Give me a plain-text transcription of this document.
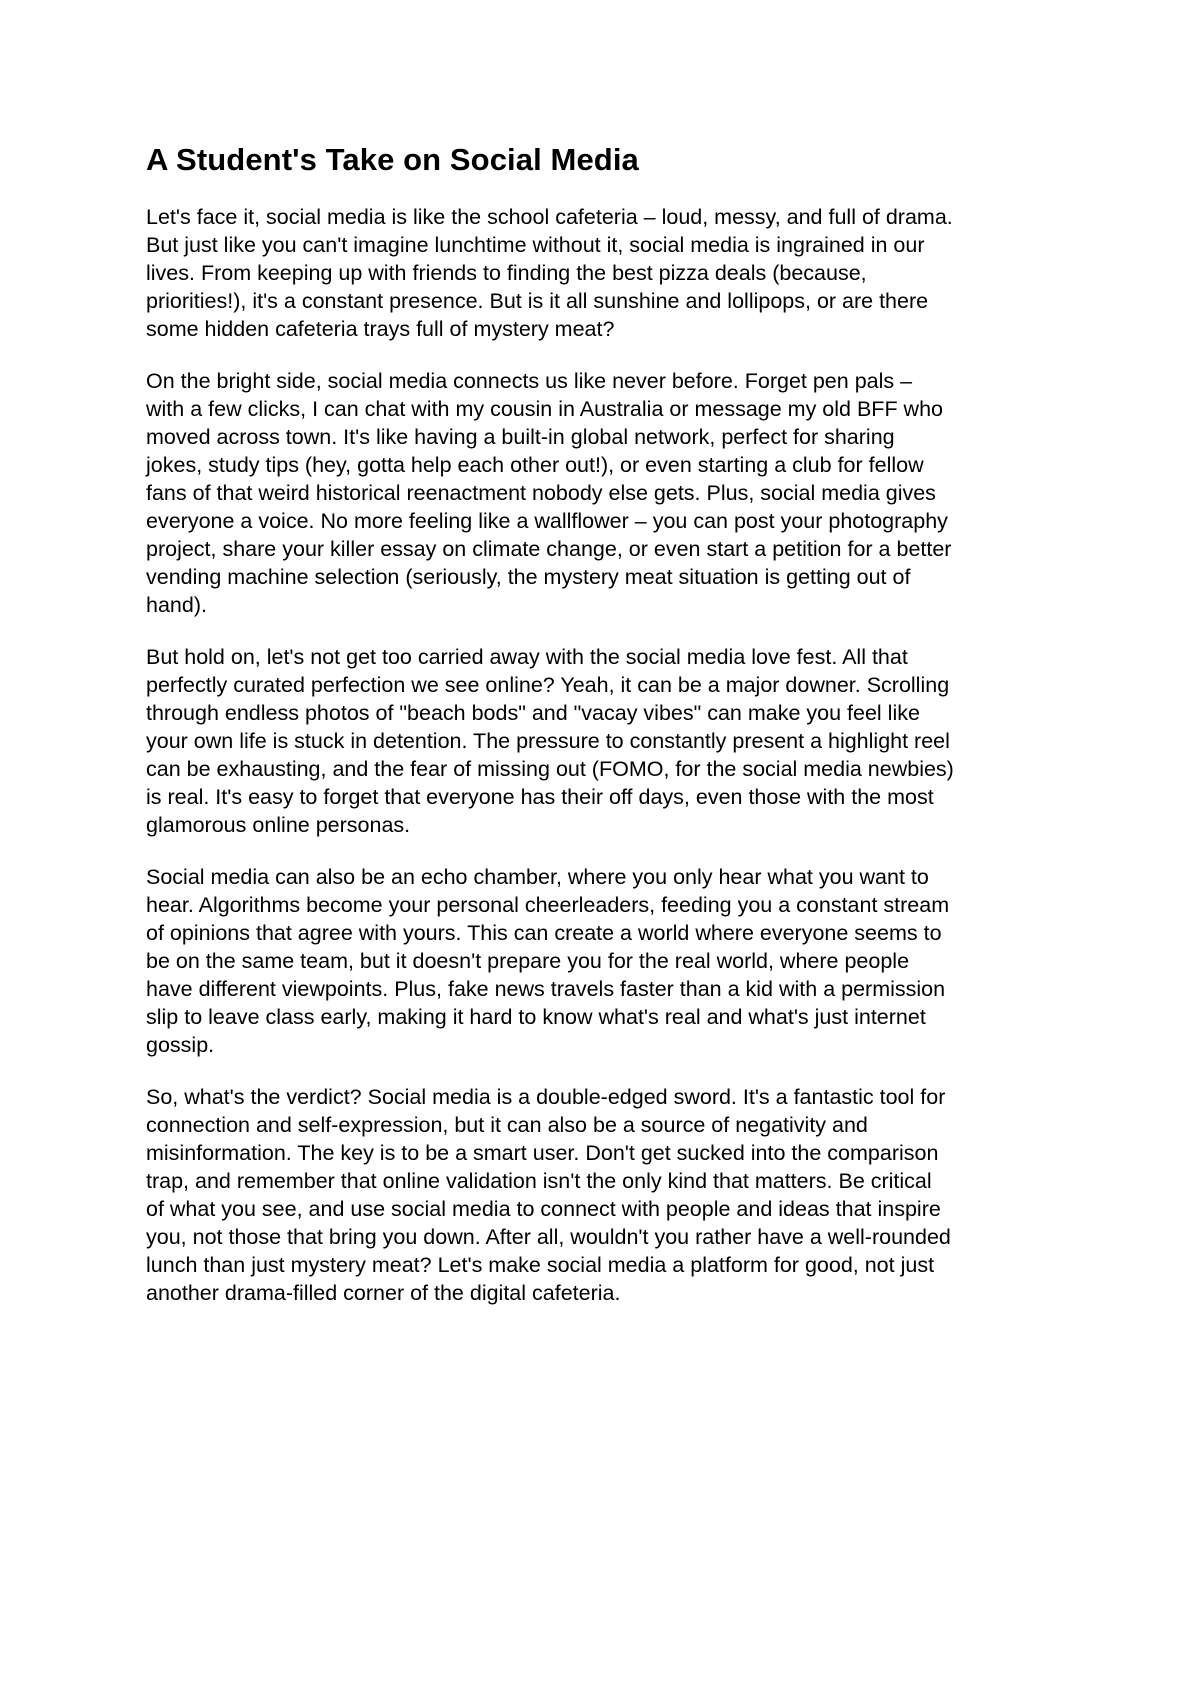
A Student's Take on Social Media

Let's face it, social media is like the school cafeteria – loud, messy, and full of drama.
But just like you can't imagine lunchtime without it, social media is ingrained in our
lives. From keeping up with friends to finding the best pizza deals (because,
priorities!), it's a constant presence. But is it all sunshine and lollipops, or are there
some hidden cafeteria trays full of mystery meat?

On the bright side, social media connects us like never before. Forget pen pals –
with a few clicks, I can chat with my cousin in Australia or message my old BFF who
moved across town. It's like having a built-in global network, perfect for sharing
jokes, study tips (hey, gotta help each other out!), or even starting a club for fellow
fans of that weird historical reenactment nobody else gets. Plus, social media gives
everyone a voice. No more feeling like a wallflower – you can post your photography
project, share your killer essay on climate change, or even start a petition for a better
vending machine selection (seriously, the mystery meat situation is getting out of
hand).

But hold on, let's not get too carried away with the social media love fest. All that
perfectly curated perfection we see online? Yeah, it can be a major downer. Scrolling
through endless photos of "beach bods" and "vacay vibes" can make you feel like
your own life is stuck in detention. The pressure to constantly present a highlight reel
can be exhausting, and the fear of missing out (FOMO, for the social media newbies)
is real. It's easy to forget that everyone has their off days, even those with the most
glamorous online personas.

Social media can also be an echo chamber, where you only hear what you want to
hear. Algorithms become your personal cheerleaders, feeding you a constant stream
of opinions that agree with yours. This can create a world where everyone seems to
be on the same team, but it doesn't prepare you for the real world, where people
have different viewpoints. Plus, fake news travels faster than a kid with a permission
slip to leave class early, making it hard to know what's real and what's just internet
gossip.

So, what's the verdict? Social media is a double-edged sword. It's a fantastic tool for
connection and self-expression, but it can also be a source of negativity and
misinformation. The key is to be a smart user. Don't get sucked into the comparison
trap, and remember that online validation isn't the only kind that matters. Be critical
of what you see, and use social media to connect with people and ideas that inspire
you, not those that bring you down. After all, wouldn't you rather have a well-rounded
lunch than just mystery meat? Let's make social media a platform for good, not just
another drama-filled corner of the digital cafeteria.
